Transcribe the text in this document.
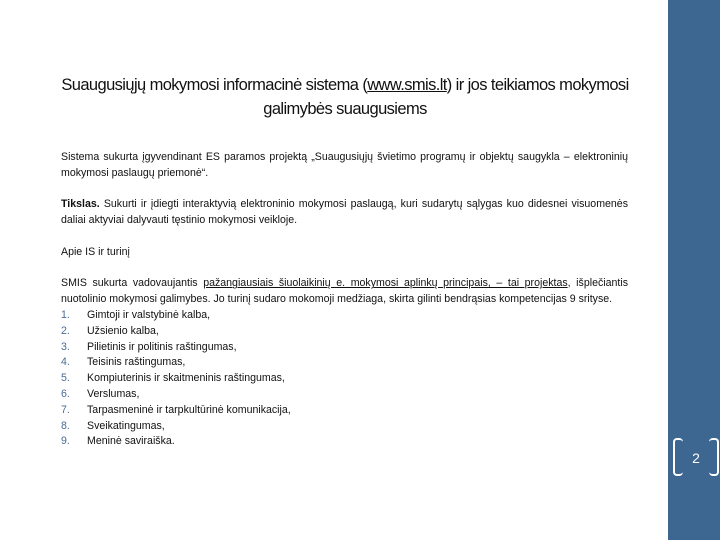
2
Suaugusiųjų mokymosi informacinė sistema (www.smis.lt) ir jos teikiamos mokymosi galimybės suaugusiems

Sistema sukurta įgyvendinant ES paramos projektą „Suaugusiųjų švietimo programų ir objektų saugykla – elektroninių mokymosi paslaugų priemonė“.

Tikslas. Sukurti ir įdiegti interaktyvią elektroninio mokymosi paslaugą, kuri sudarytų sąlygas kuo didesnei visuomenės daliai aktyviai dalyvauti tęstinio mokymosi veikloje.

Apie IS ir turinį

SMIS sukurta vadovaujantis pažangiausiais šiuolaikinių e. mokymosi aplinkų principais, – tai projektas, išplečiantis nuotolinio mokymosi galimybes. Jo turinį sudaro mokomoji medžiaga, skirta gilinti bendrąsias kompetencijas 9 srityse.

1.	Gimtoji ir valstybinė kalba,
2.	Užsienio kalba,
3.	Pilietinis ir politinis raštingumas,
4.	Teisinis raštingumas,
5.	Kompiuterinis ir skaitmeninis raštingumas,
6.	Verslumas,
7.	Tarpasmeninė ir tarpkultūrinė komunikacija,
8.	Sveikatingumas,
9.	Meninė saviraiška.
